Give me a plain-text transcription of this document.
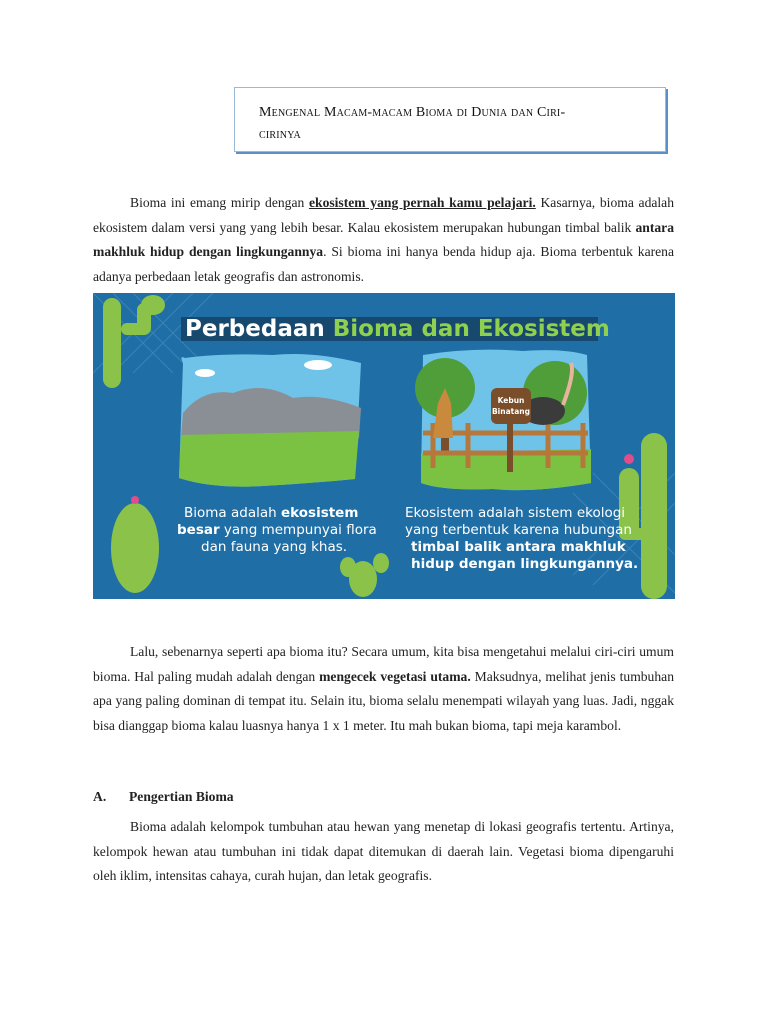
Mengenal Macam-macam Bioma di Dunia dan Ciri-
cirinya
Bioma ini emang mirip dengan ekosistem yang pernah kamu pelajari. Kasarnya, bioma adalah ekosistem dalam versi yang yang lebih besar. Kalau ekosistem merupakan hubungan timbal balik antara makhluk hidup dengan lingkungannya. Si bioma ini hanya benda hidup aja. Bioma terbentuk karena adanya perbedaan letak geografis dan astronomis.
Perbedaan Bioma dan Ekosistem
Kebun
Binatang
Bioma adalah ekosistem besar yang mempunyai flora dan fauna yang khas.
Ekosistem adalah sistem ekologi yang terbentuk karena hubungan timbal balik antara makhluk hidup dengan lingkungannya.
Lalu, sebenarnya seperti apa bioma itu? Secara umum, kita bisa mengetahui melalui ciri-ciri umum bioma. Hal paling mudah adalah dengan mengecek vegetasi utama. Maksudnya, melihat jenis tumbuhan apa yang paling dominan di tempat itu. Selain itu, bioma selalu menempati wilayah yang luas. Jadi, nggak bisa dianggap bioma kalau luasnya hanya 1 x 1 meter. Itu mah bukan bioma, tapi meja karambol.
A. Pengertian Bioma
Bioma adalah kelompok tumbuhan atau hewan yang menetap di lokasi geografis tertentu. Artinya, kelompok hewan atau tumbuhan ini tidak dapat ditemukan di daerah lain. Vegetasi bioma dipengaruhi oleh iklim, intensitas cahaya, curah hujan, dan letak geografis.
